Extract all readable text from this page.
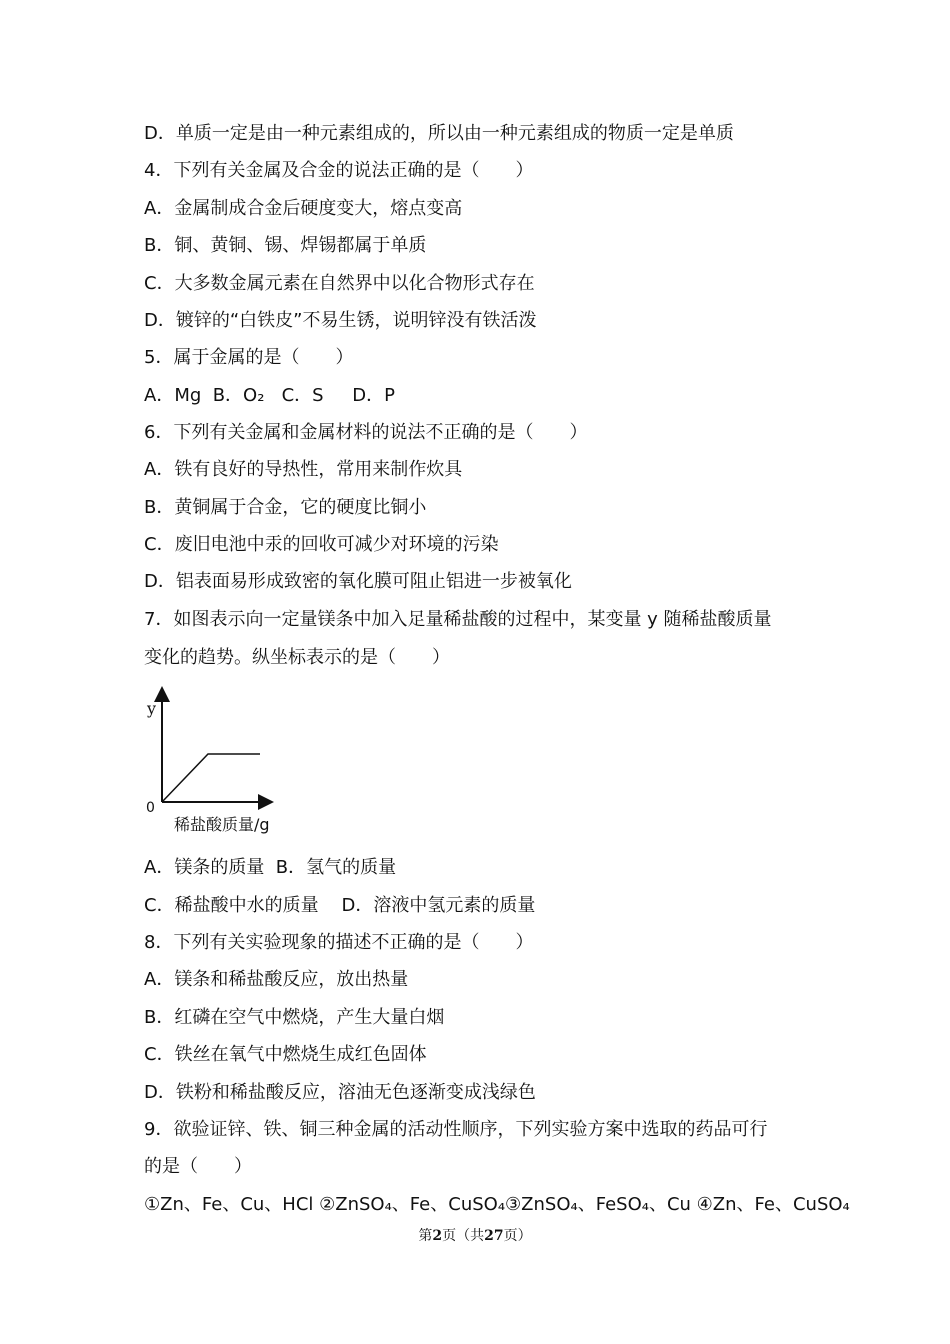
D．单质一定是由一种元素组成的，所以由一种元素组成的物质一定是单质
4．下列有关金属及合金的说法正确的是（　　）
A．金属制成合金后硬度变大，熔点变高
B．铜、黄铜、锡、焊锡都属于单质
C．大多数金属元素在自然界中以化合物形式存在
D．镀锌的“白铁皮”不易生锈，说明锌没有铁活泼
5．属于金属的是（　　）
A．Mg  B．O₂   C．S     D．P
6．下列有关金属和金属材料的说法不正确的是（　　）
A．铁有良好的导热性，常用来制作炊具
B．黄铜属于合金，它的硬度比铜小
C．废旧电池中汞的回收可减少对环境的污染
D．铝表面易形成致密的氧化膜可阻止铝进一步被氧化
7．如图表示向一定量镁条中加入足量稀盐酸的过程中，某变量 y 随稀盐酸质量
变化的趋势。纵坐标表示的是（　　）
A．镁条的质量  B．氢气的质量
C．稀盐酸中水的质量    D．溶液中氢元素的质量
8．下列有关实验现象的描述不正确的是（　　）
A．镁条和稀盐酸反应，放出热量
B．红磷在空气中燃烧，产生大量白烟
C．铁丝在氧气中燃烧生成红色固体
D．铁粉和稀盐酸反应，溶油无色逐渐变成浅绿色
9．欲验证锌、铁、铜三种金属的活动性顺序，下列实验方案中选取的药品可行
的是（　　）
①Zn、Fe、Cu、HCl ②ZnSO₄、Fe、CuSO₄③ZnSO₄、FeSO₄、Cu ④Zn、Fe、CuSO₄
y
0
稀盐酸质量/g
第2页（共27页）
